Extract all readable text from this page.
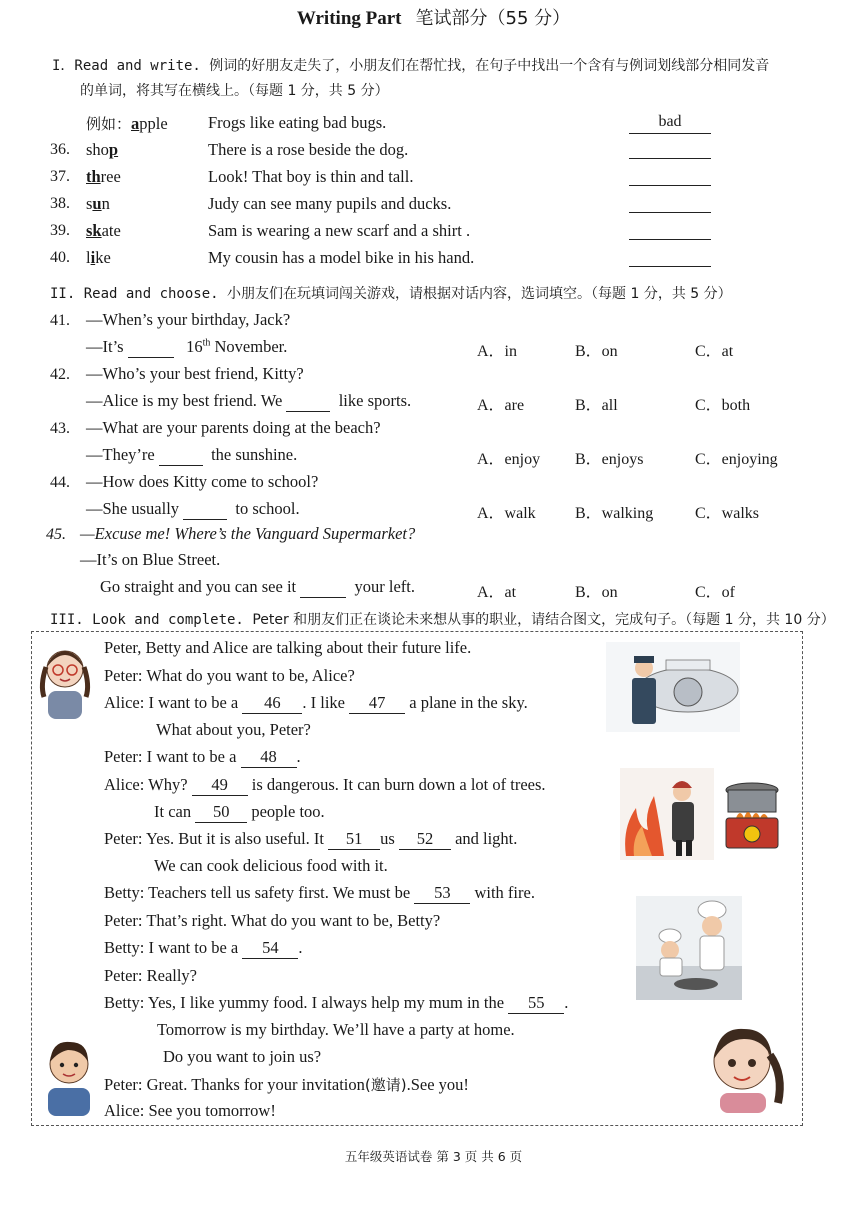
Writing Part 笔试部分（55 分）
I．Read and write. 例词的好朋友走失了，小朋友们在帮忙找，在句子中找出一个含有与例词划线部分相同发音
的单词，将其写在横线上。（每题 1 分，共 5 分）
例如：apple Frogs like eating bad bugs.	bad
36. shop	There is a rose beside the dog.
37. three	Look! That boy is thin and tall.
38. sun	Judy can see many pupils and ducks.
39. skate	Sam is wearing a new scarf and a shirt .
40. like	My cousin has a model bike in his hand.
II. Read and choose. 小朋友们在玩填词闯关游戏，请根据对话内容，选词填空。（每题 1 分，共 5 分）
41. —When’s your birthday, Jack?
—It’s	16th November.	A．in	B．on	C．at
42. —Who’s your best friend, Kitty?
—Alice is my best friend. We	like sports.	A．are	B．all	C．both
43. —What are your parents doing at the beach?
—They’re	the sunshine.	A．enjoy B．enjoys	C．enjoying
44. —How does Kitty come to school?
—She usually	to school.	A．walk B．walking	C．walks
45. —Excuse me! Where’s the Vanguard Supermarket?
—It’s on Blue Street.
Go straight and you can see it	your left.	A．at	B．on	C．of
III. Look and complete. Peter 和朋友们正在谈论未来想从事的职业，请结合图文，完成句子。（每题 1 分，共 10 分）
Peter, Betty and Alice are talking about their future life.
Peter: What do you want to be, Alice?
Alice: I want to be a 46 . I like 47 a plane in the sky.
What about you, Peter?
Peter: I want to be a 48 .
Alice: Why? 49 is dangerous. It can burn down a lot of trees.
It can 50 people too.
Peter: Yes. But it is also useful. It 51 us 52 and light.
We can cook delicious food with it.
Betty: Teachers tell us safety first. We must be 53 with fire.
Peter: That’s right. What do you want to be, Betty?
Betty: I want to be a 54 .
Peter: Really?
Betty: Yes, I like yummy food. I always help my mum in the 55 .
Tomorrow is my birthday. We’ll have a party at home.
Do you want to join us?
Peter: Great. Thanks for your invitation(邀请).See you!
Alice: See you tomorrow!
五年级英语试卷 第 3 页 共 6 页
